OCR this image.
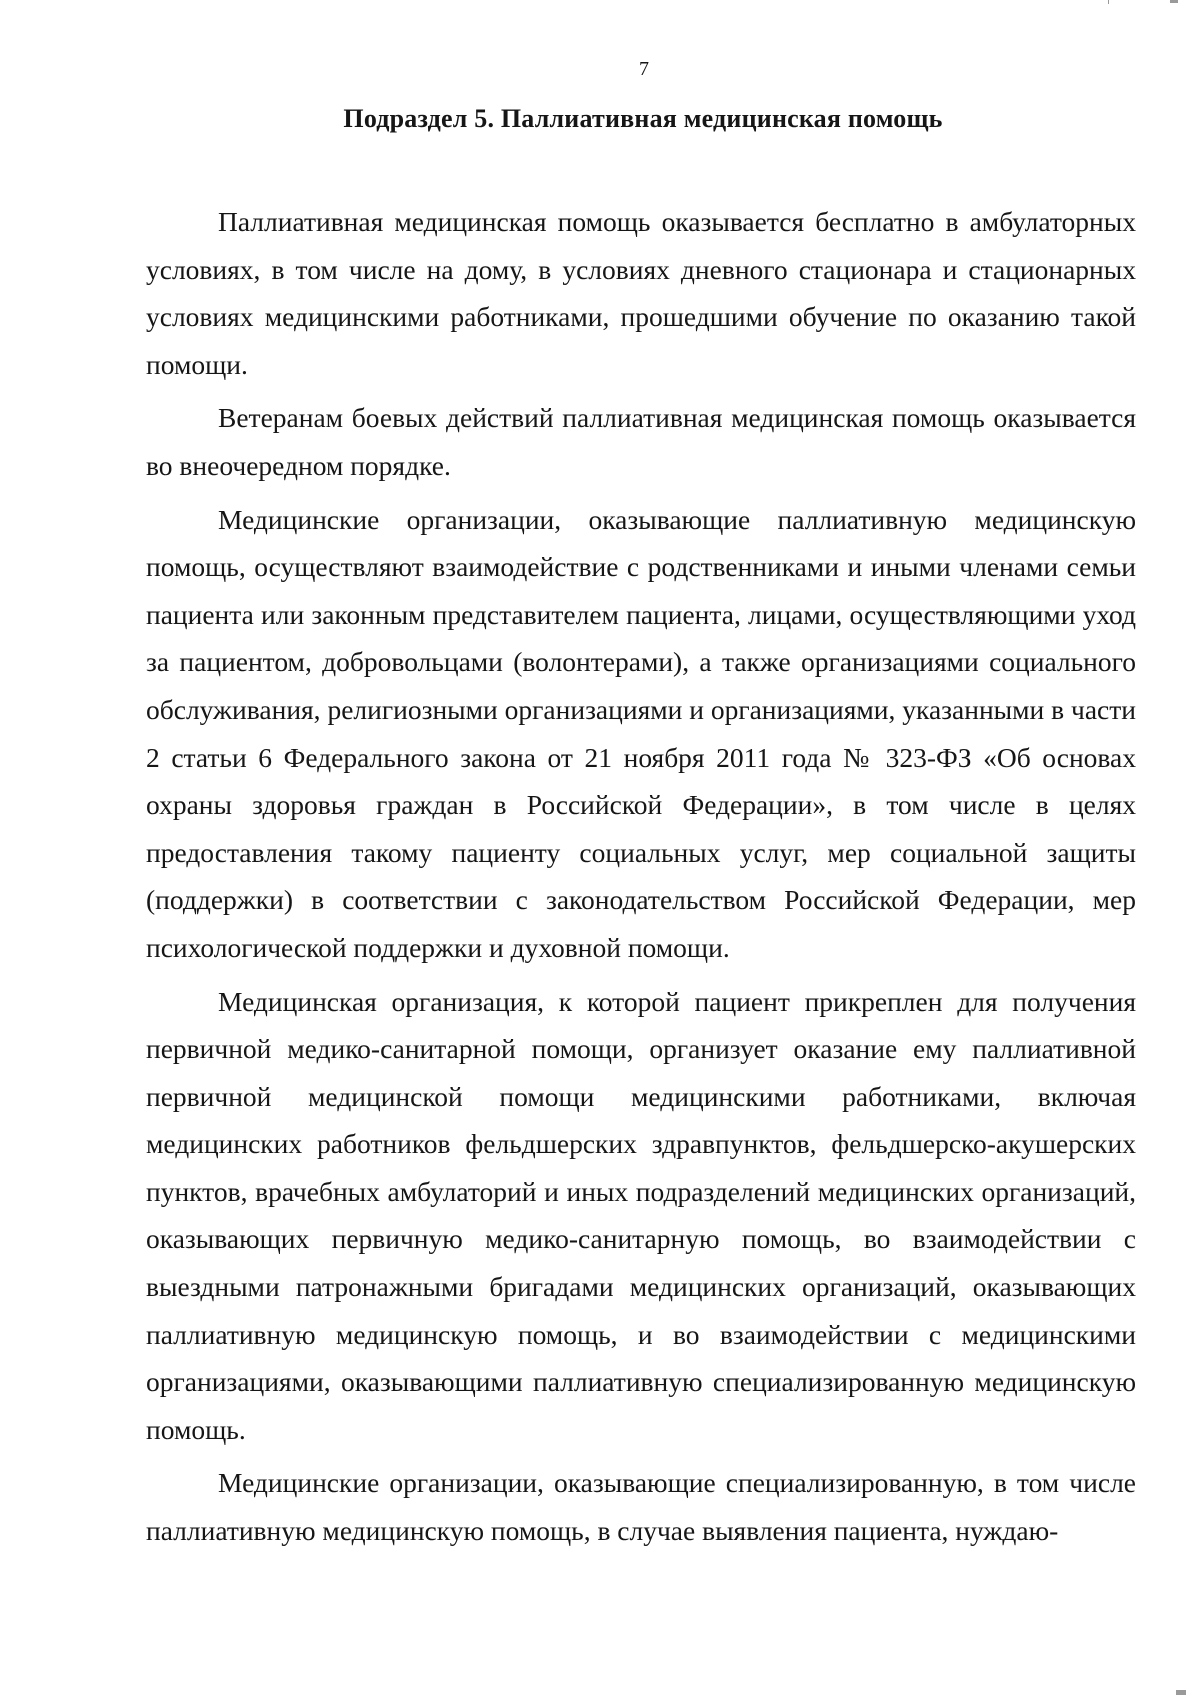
7
Подраздел 5. Паллиативная медицинская помощь

Паллиативная медицинская помощь оказывается бесплатно в амбулаторных условиях, в том числе на дому, в условиях дневного стационара и стационарных условиях медицинскими работниками, прошедшими обучение по оказанию такой помощи.

Ветеранам боевых действий паллиативная медицинская помощь оказывается во внеочередном порядке.

Медицинские организации, оказывающие паллиативную медицинскую помощь, осуществляют взаимодействие с родственниками и иными членами семьи пациента или законным представителем пациента, лицами, осуществляющими уход за пациентом, добровольцами (волонтерами), а также организациями социального обслуживания, религиозными организациями и организациями, указанными в части 2 статьи 6 Федерального закона от 21 ноября 2011 года № 323-ФЗ «Об основах охраны здоровья граждан в Российской Федерации», в том числе в целях предоставления такому пациенту социальных услуг, мер социальной защиты (поддержки) в соответствии с законодательством Российской Федерации, мер психологической поддержки и духовной помощи.

Медицинская организация, к которой пациент прикреплен для получения первичной медико-санитарной помощи, организует оказание ему паллиативной первичной медицинской помощи медицинскими работниками, включая медицинских работников фельдшерских здравпунктов, фельдшерско-акушерских пунктов, врачебных амбулаторий и иных подразделений медицинских организаций, оказывающих первичную медико-санитарную помощь, во взаимодействии с выездными патронажными бригадами медицинских организаций, оказывающих паллиативную медицинскую помощь, и во взаимодействии с медицинскими организациями, оказывающими паллиативную специализированную медицинскую помощь.

Медицинские организации, оказывающие специализированную, в том числе паллиативную медицинскую помощь, в случае выявления пациента, нуждаю-
